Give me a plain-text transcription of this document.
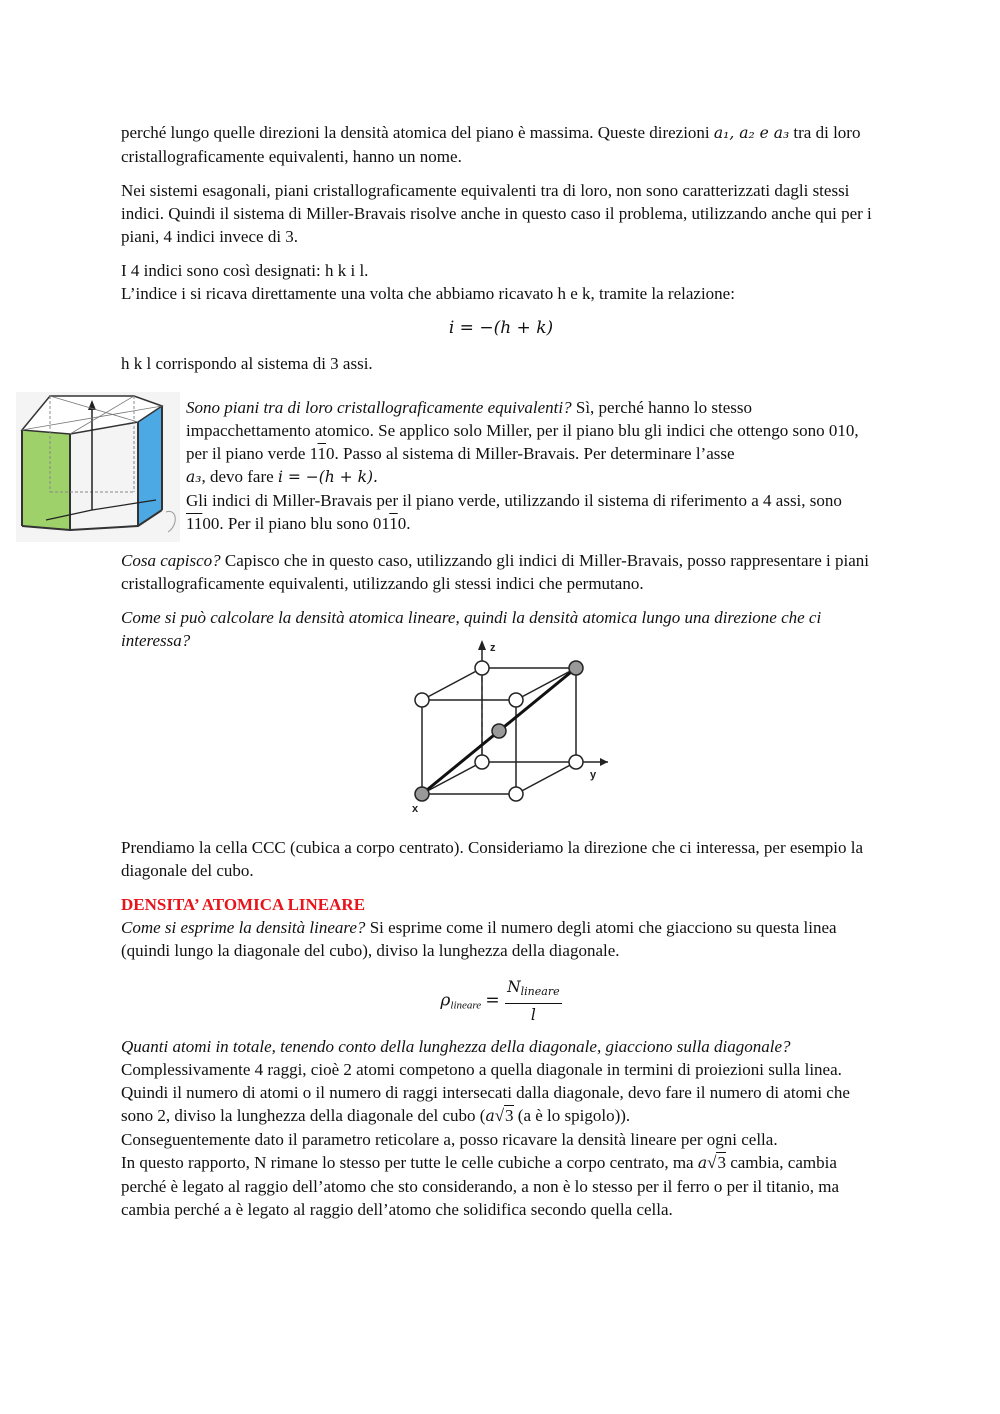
perché lungo quelle direzioni la densità atomica del piano è massima. Queste direzioni a₁, a₂ e a₃ tra di loro cristallograficamente equivalenti, hanno un nome.

Nei sistemi esagonali, piani cristallograficamente equivalenti tra di loro, non sono caratterizzati dagli stessi indici. Quindi il sistema di Miller-Bravais risolve anche in questo caso il problema, utilizzando anche qui per i piani, 4 indici invece di 3.

I 4 indici sono così designati: h k i l.

L’indice i si ricava direttamente una volta che abbiamo ricavato h e k, tramite la relazione:

i = −(h + k)

h k l corrispondo al sistema di 3 assi.

Sono piani tra di loro cristallograficamente equivalenti? Sì, perché hanno lo stesso impacchettamento atomico. Se applico solo Miller, per il piano blu gli indici che ottengo sono 010, per il piano verde 110. Passo al sistema di Miller-Bravais. Per determinare l’asse
a₃, devo fare i = −(h + k).

Gli indici di Miller-Bravais per il piano verde, utilizzando il sistema di riferimento a 4 assi, sono 1100. Per il piano blu sono 0110.

Cosa capisco? Capisco che in questo caso, utilizzando gli indici di Miller-Bravais, posso rappresentare i piani cristallograficamente equivalenti, utilizzando gli stessi indici che permutano.

Come si può calcolare la densità atomica lineare, quindi la densità atomica lungo una direzione che ci interessa?	z
y
x

Prendiamo la cella CCC (cubica a corpo centrato). Consideriamo la direzione che ci interessa, per esempio la diagonale del cubo.

DENSITA’ ATOMICA LINEARE

Come si esprime la densità lineare? Si esprime come il numero degli atomi che giacciono su questa linea (quindi lungo la diagonale del cubo), diviso la lunghezza della diagonale.

$\rho_{lineare} = \frac{N_{lineare}}{l}$

Quanti atomi in totale, tenendo conto della lunghezza della diagonale, giacciono sulla diagonale?

Complessivamente 4 raggi, cioè 2 atomi competono a quella diagonale in termini di proiezioni sulla linea. Quindi il numero di atomi o il numero di raggi intersecati dalla diagonale, devo fare il numero di atomi che sono 2, diviso la lunghezza della diagonale del cubo (a√3 (a è lo spigolo)).

Conseguentemente dato il parametro reticolare a, posso ricavare la densità lineare per ogni cella.

In questo rapporto, N rimane lo stesso per tutte le celle cubiche a corpo centrato, ma a√3 cambia, cambia perché è legato al raggio dell’atomo che sto considerando, a non è lo stesso per il ferro o per il titanio, ma cambia perché a è legato al raggio dell’atomo che solidifica secondo quella cella.
